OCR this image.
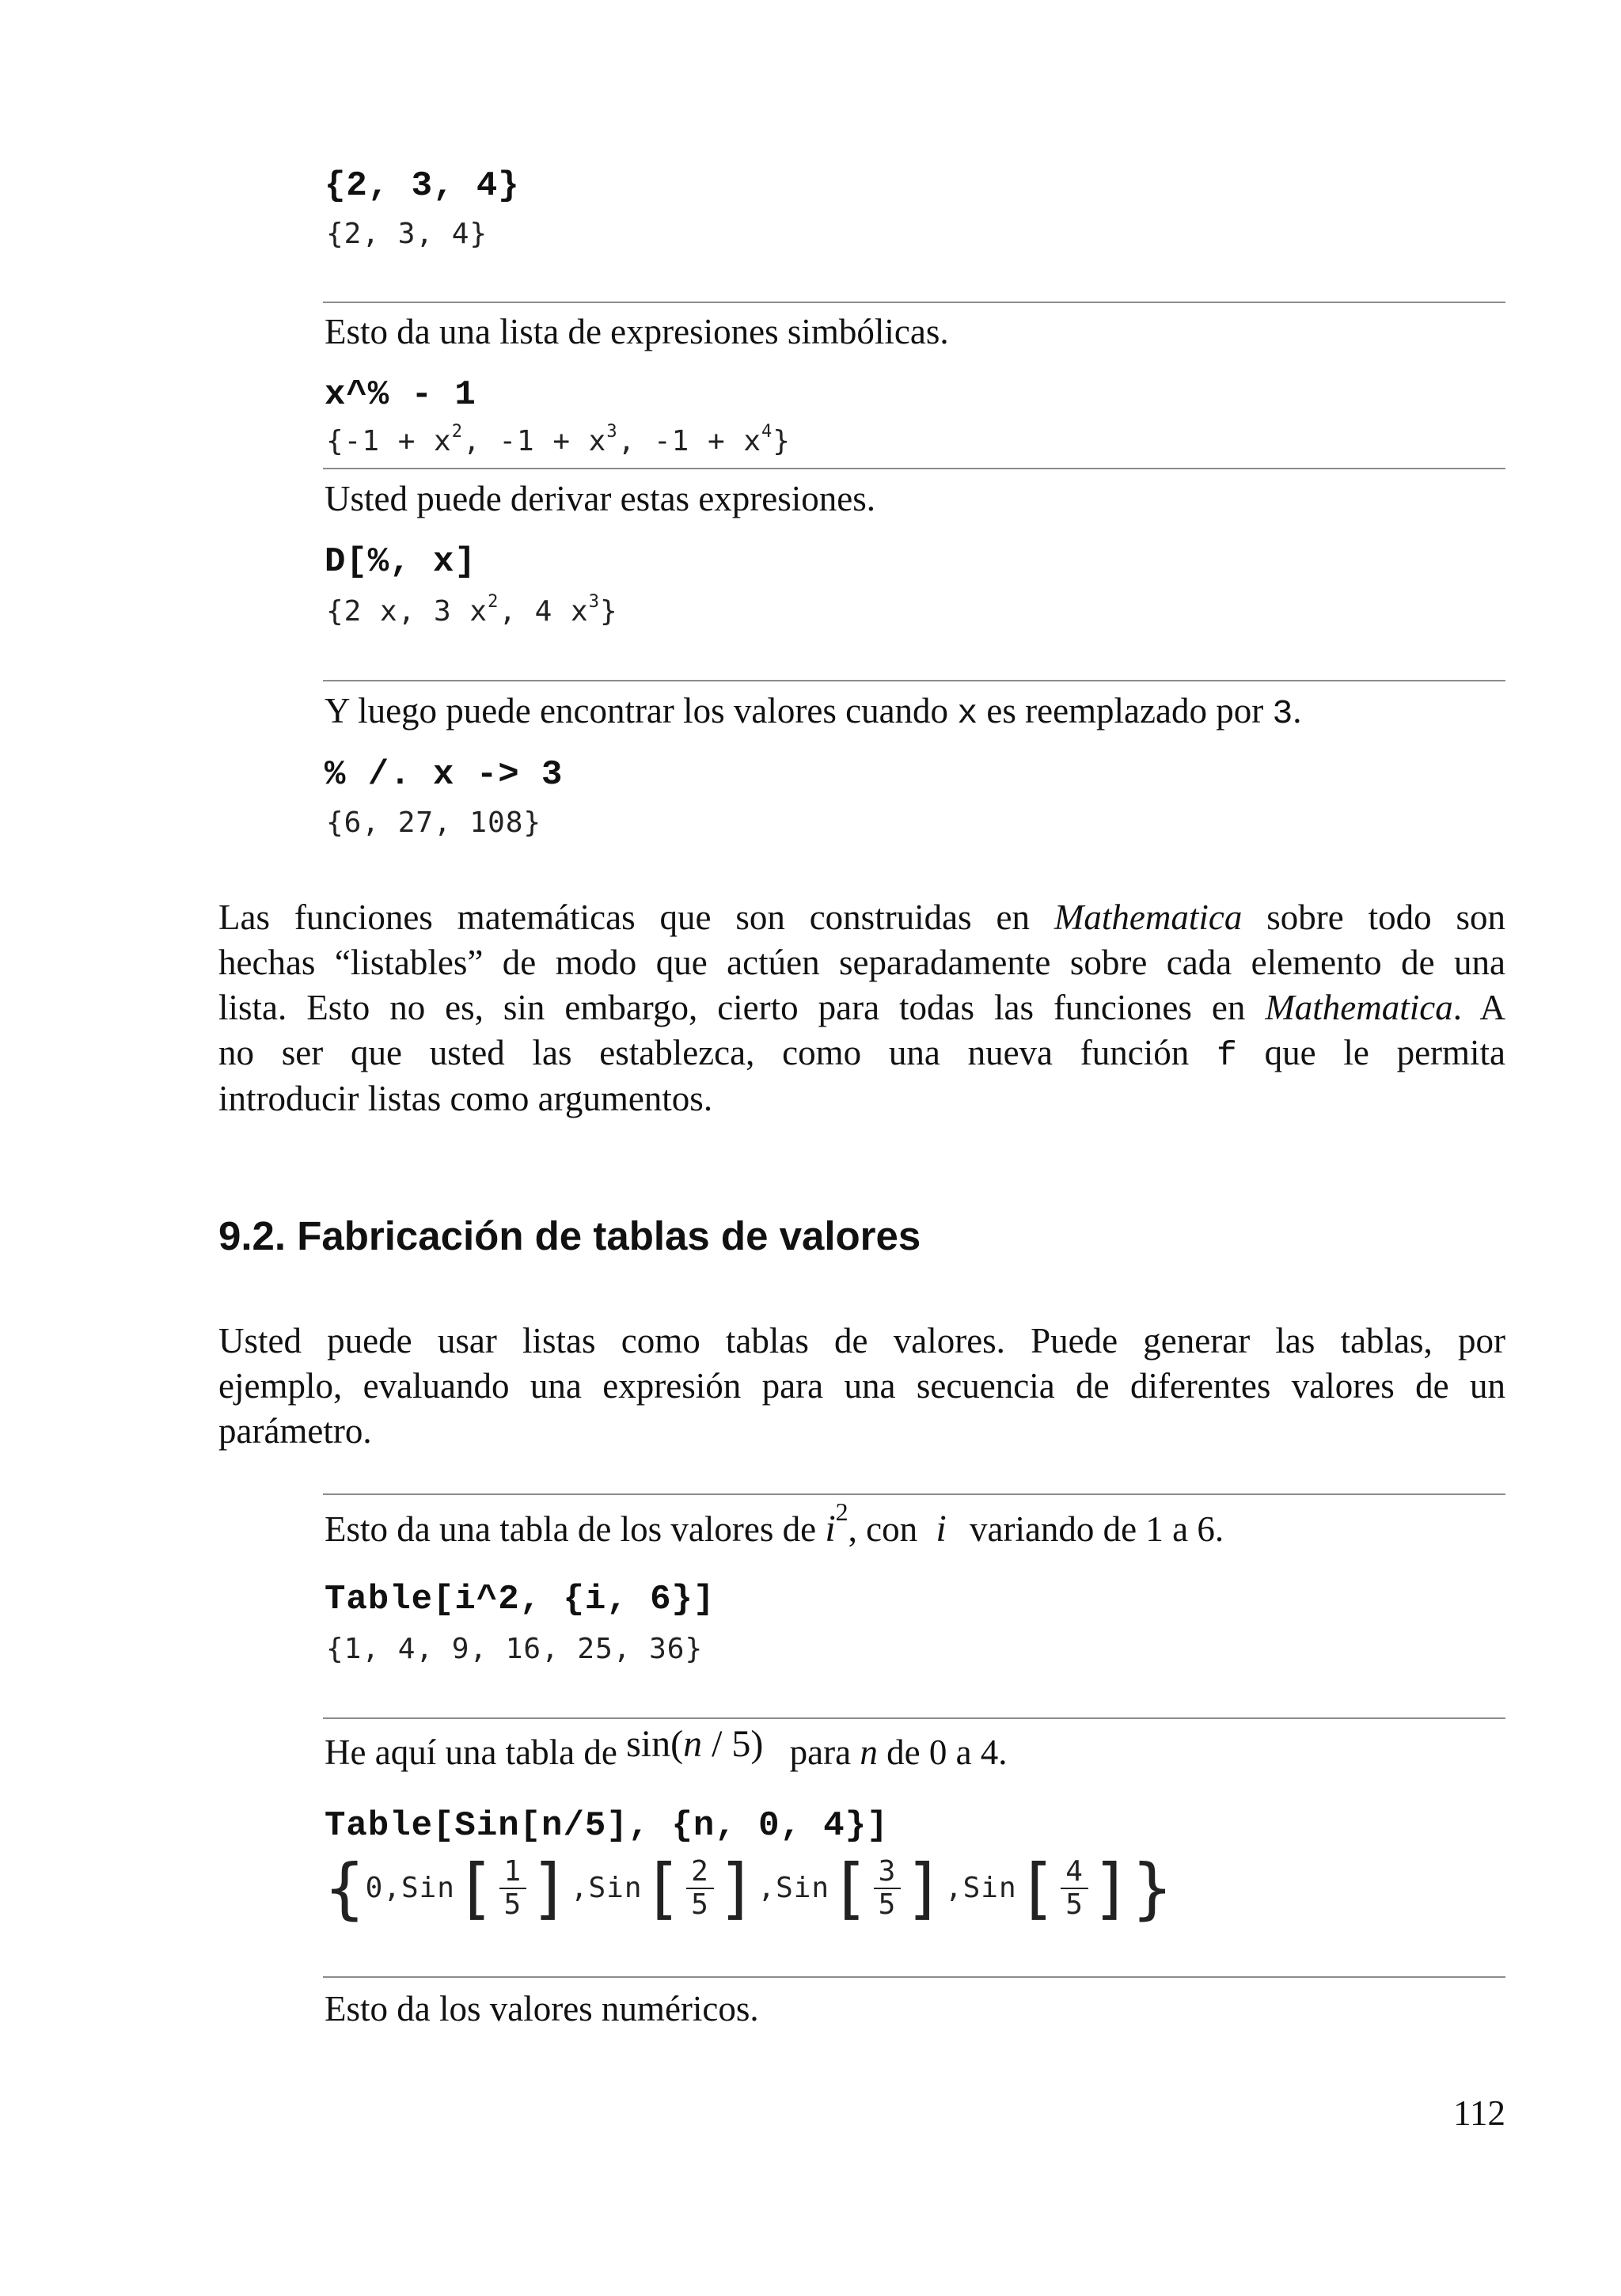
{2, 3, 4}
{2, 3, 4}
Esto da una lista de expresiones simbólicas.
x^% - 1
{$-1 + x^2$, $-1 + x^3$, $-1 + x^4$}
Usted puede derivar estas expresiones.
D[%, x]
{2 x, 3 $x^2$, 4 $x^3$}
Y luego puede encontrar los valores cuando x es reemplazado por 3.
% /. x -> 3
{6, 27, 108}
Las funciones matemáticas que son construidas en Mathematica sobre todo son
hechas “listables” de modo que actúen separadamente sobre cada elemento de una
lista. Esto no es, sin embargo, cierto para todas las funciones en Mathematica. A
no ser que usted las establezca, como una nueva función f que le permita
introducir listas como argumentos.
9.2. Fabricación de tablas de valores
Usted puede usar listas como tablas de valores. Puede generar las tablas, por
ejemplo, evaluando una expresión para una secuencia de diferentes valores de un
parámetro.
Esto da una tabla de los valores de $i^2$, con i variando de 1 a 6.
Table[i^2, {i, 6}]
{1, 4, 9, 16, 25, 36}
He aquí una tabla de sin(n / 5) para n de 0 a 4.
Table[Sin[n/5], {n, 0, 4}]
{ 0, Sin [ $\frac{1}{5}$ ] , Sin [ $\frac{2}{5}$ ] , Sin [ $\frac{3}{5}$ ] , Sin [ $\frac{4}{5}$ ] }
Esto da los valores numéricos.
112
